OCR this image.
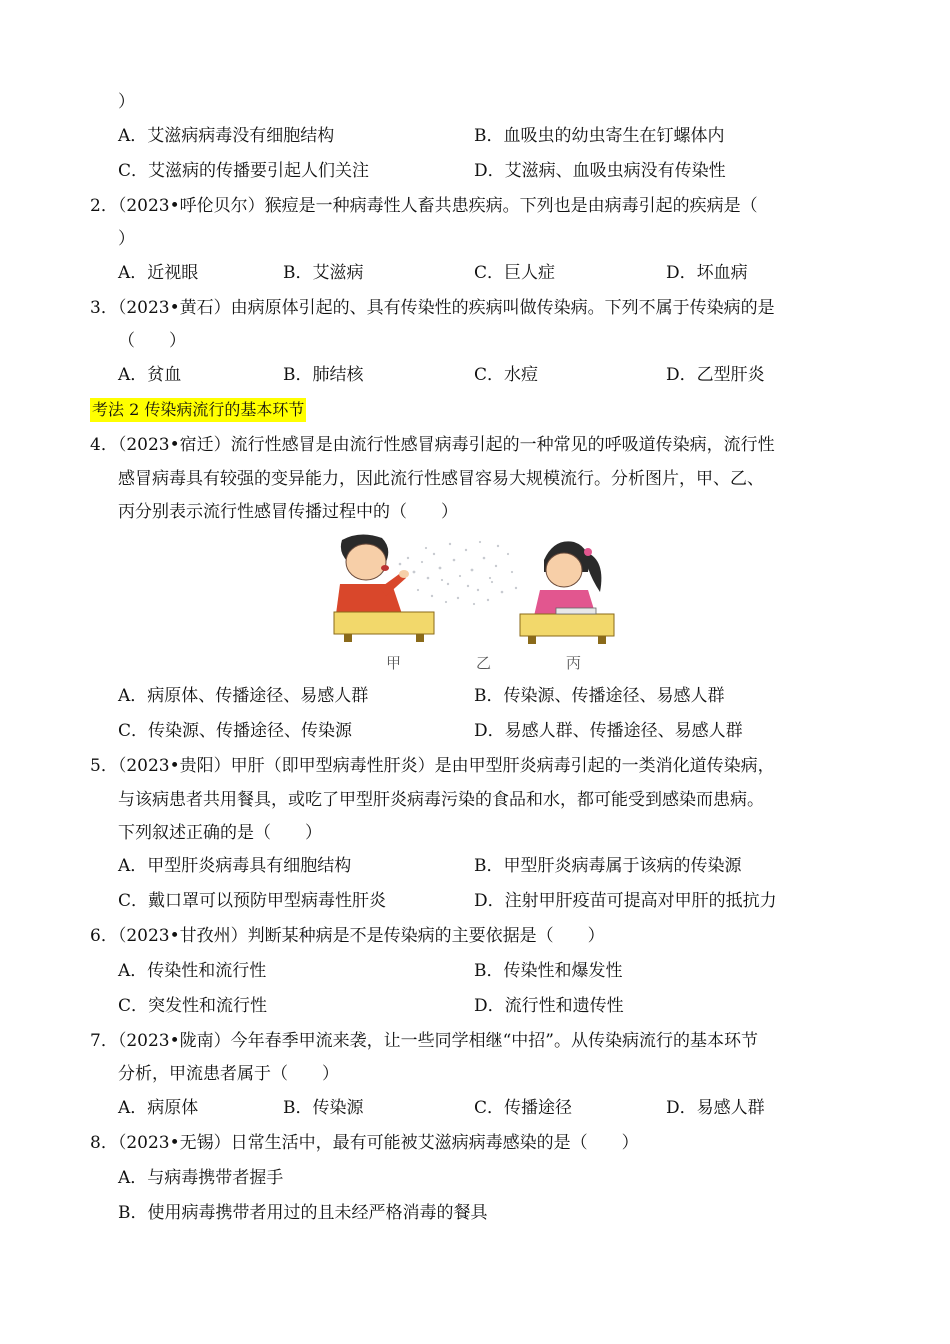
）
A．艾滋病病毒没有细胞结构	B．血吸虫的幼虫寄生在钉螺体内
C．艾滋病的传播要引起人们关注	D．艾滋病、血吸虫病没有传染性
2．（2023•呼伦贝尔）猴痘是一种病毒性人畜共患疾病。下列也是由病毒引起的疾病是（
）
A．近视眼	B．艾滋病	C．巨人症	D．坏血病
3．（2023•黄石）由病原体引起的、具有传染性的疾病叫做传染病。下列不属于传染病的是
（　　）
A．贫血	B．肺结核	C．水痘	D．乙型肝炎
考法 2 传染病流行的基本环节
4．（2023•宿迁）流行性感冒是由流行性感冒病毒引起的一种常见的呼吸道传染病，流行性
感冒病毒具有较强的变异能力，因此流行性感冒容易大规模流行。分析图片，甲、乙、
丙分别表示流行性感冒传播过程中的（　　）
甲	乙	丙
A．病原体、传播途径、易感人群	B．传染源、传播途径、易感人群
C．传染源、传播途径、传染源	D．易感人群、传播途径、易感人群
5．（2023•贵阳）甲肝（即甲型病毒性肝炎）是由甲型肝炎病毒引起的一类消化道传染病，
与该病患者共用餐具，或吃了甲型肝炎病毒污染的食品和水，都可能受到感染而患病。
下列叙述正确的是（　　）
A．甲型肝炎病毒具有细胞结构	B．甲型肝炎病毒属于该病的传染源
C．戴口罩可以预防甲型病毒性肝炎	D．注射甲肝疫苗可提高对甲肝的抵抗力
6．（2023•甘孜州）判断某种病是不是传染病的主要依据是（　　）
A．传染性和流行性	B．传染性和爆发性
C．突发性和流行性	D．流行性和遗传性
7．（2023•陇南）今年春季甲流来袭，让一些同学相继“中招”。从传染病流行的基本环节
分析，甲流患者属于（　　）
A．病原体	B．传染源	C．传播途径	D．易感人群
8．（2023•无锡）日常生活中，最有可能被艾滋病病毒感染的是（　　）
A．与病毒携带者握手
B．使用病毒携带者用过的且未经严格消毒的餐具
